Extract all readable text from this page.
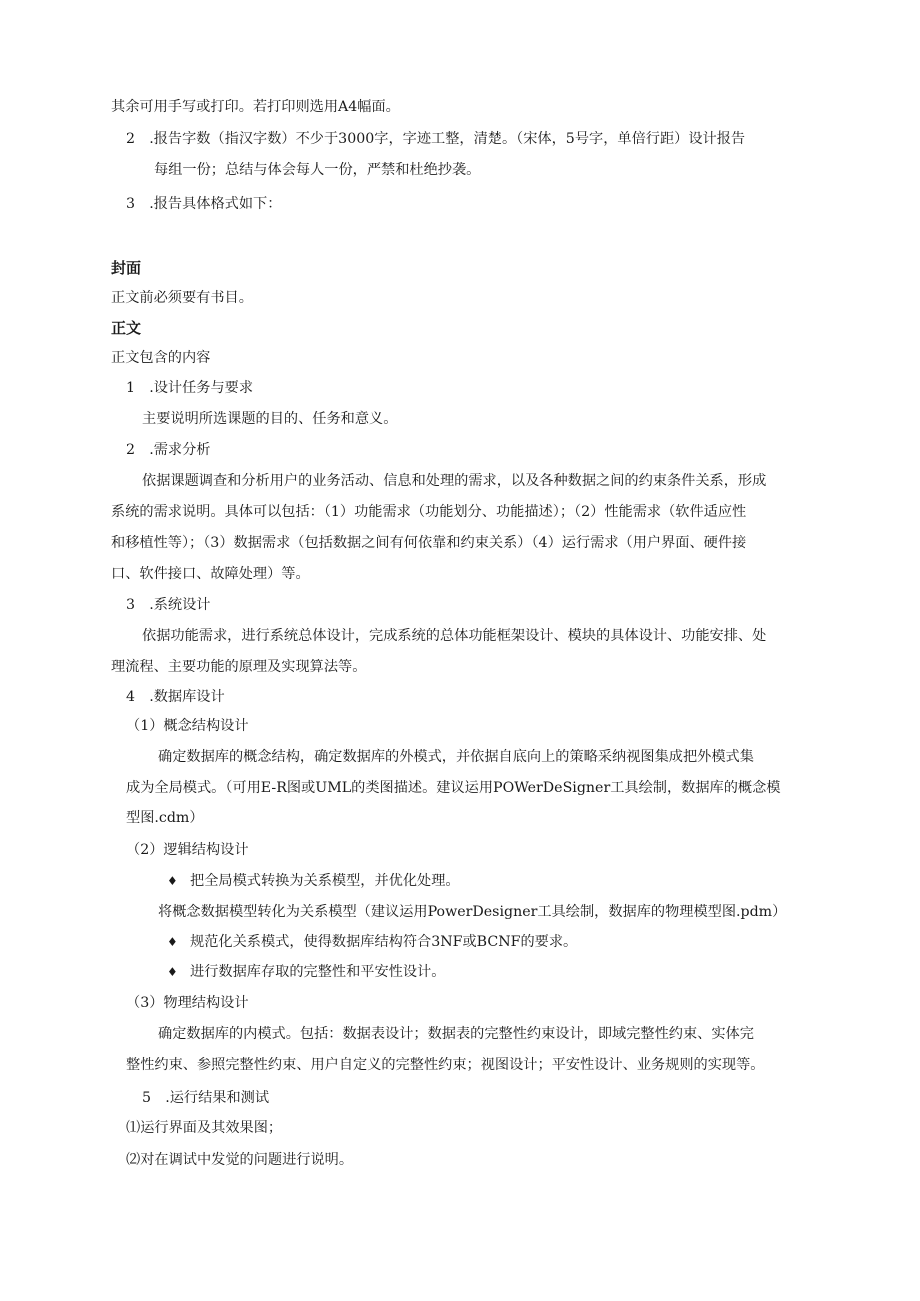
其余可用手写或打印。若打印则选用A4幅面。
2　.报告字数（指汉字数）不少于3000字，字迹工整，清楚。（宋体，5号字，单倍行距）设计报告
每组一份；总结与体会每人一份，严禁和杜绝抄袭。
3　.报告具体格式如下：
封面
正文前必须要有书目。
正文
正文包含的内容
1　.设计任务与要求
主要说明所选课题的目的、任务和意义。
2　.需求分析
依据课题调查和分析用户的业务活动、信息和处理的需求，以及各种数据之间的约束条件关系，形成
系统的需求说明。具体可以包括：（1）功能需求（功能划分、功能描述）；（2）性能需求（软件适应性
和移植性等）；（3）数据需求（包括数据之间有何依靠和约束关系）（4）运行需求（用户界面、硬件接
口、软件接口、故障处理）等。
3　.系统设计
依据功能需求，进行系统总体设计，完成系统的总体功能框架设计、模块的具体设计、功能安排、处
理流程、主要功能的原理及实现算法等。
4　.数据库设计
（1）概念结构设计
确定数据库的概念结构，确定数据库的外模式，并依据自底向上的策略采纳视图集成把外模式集
成为全局模式。（可用E-R图或UML的类图描述。建议运用POWerDeSigner工具绘制，数据库的概念模
型图.cdm）
（2）逻辑结构设计
♦ 把全局模式转换为关系模型，并优化处理。
将概念数据模型转化为关系模型（建议运用PowerDesigner工具绘制，数据库的物理模型图.pdm）
♦ 规范化关系模式，使得数据库结构符合3NF或BCNF的要求。
♦ 进行数据库存取的完整性和平安性设计。
（3）物理结构设计
确定数据库的内模式。包括：数据表设计；数据表的完整性约束设计，即域完整性约束、实体完
整性约束、参照完整性约束、用户自定义的完整性约束；视图设计；平安性设计、业务规则的实现等。
5　.运行结果和测试
⑴运行界面及其效果图；
⑵对在调试中发觉的问题进行说明。
